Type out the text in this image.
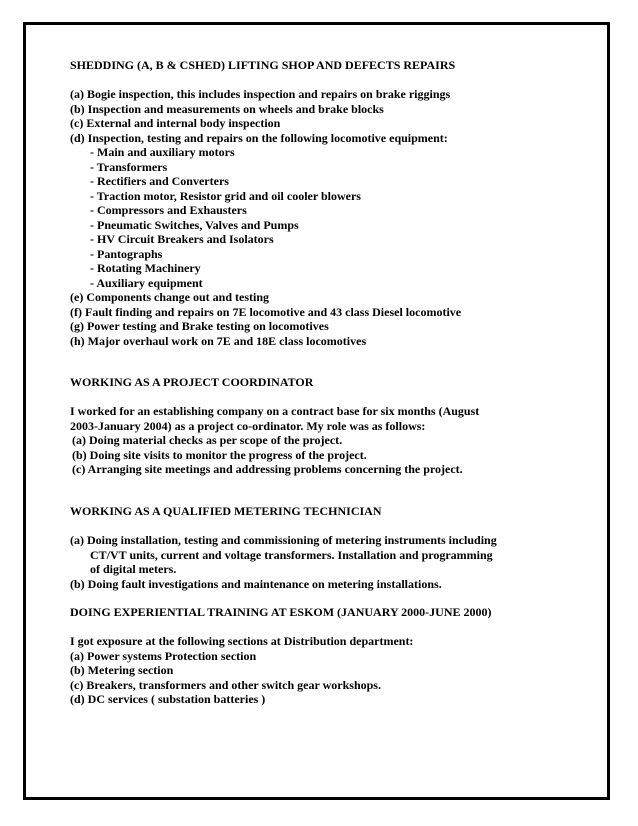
SHEDDING (A, B & CSHED) LIFTING SHOP AND DEFECTS REPAIRS
(a) Bogie inspection, this includes inspection and repairs on brake riggings
(b) Inspection and measurements on wheels and brake blocks
(c) External and internal body inspection
(d) Inspection, testing and repairs on the following locomotive equipment:
- Main and auxiliary motors
- Transformers
- Rectifiers and Converters
- Traction motor, Resistor grid and oil cooler blowers
- Compressors and Exhausters
- Pneumatic Switches, Valves and Pumps
- HV Circuit Breakers and Isolators
- Pantographs
- Rotating Machinery
- Auxiliary equipment
(e) Components change out and testing
(f) Fault finding and repairs on 7E locomotive and 43 class Diesel locomotive
(g) Power testing and Brake testing on locomotives
(h) Major overhaul work on 7E and 18E class locomotives
WORKING AS A PROJECT COORDINATOR
I worked for an establishing company on a contract base for six months (August
2003-January 2004) as a project co-ordinator. My role was as follows:
(a) Doing material checks as per scope of the project.
(b) Doing site visits to monitor the progress of the project.
(c) Arranging site meetings and addressing problems concerning the project.
WORKING AS A QUALIFIED METERING TECHNICIAN
(a) Doing installation, testing and commissioning of metering instruments including
CT/VT units, current and voltage transformers. Installation and programming
of digital meters.
(b) Doing fault investigations and maintenance on metering installations.
DOING EXPERIENTIAL TRAINING AT ESKOM (JANUARY 2000-JUNE 2000)
I got exposure at the following sections at Distribution department:
(a) Power systems Protection section
(b) Metering section
(c) Breakers, transformers and other switch gear workshops.
(d) DC services ( substation batteries )
